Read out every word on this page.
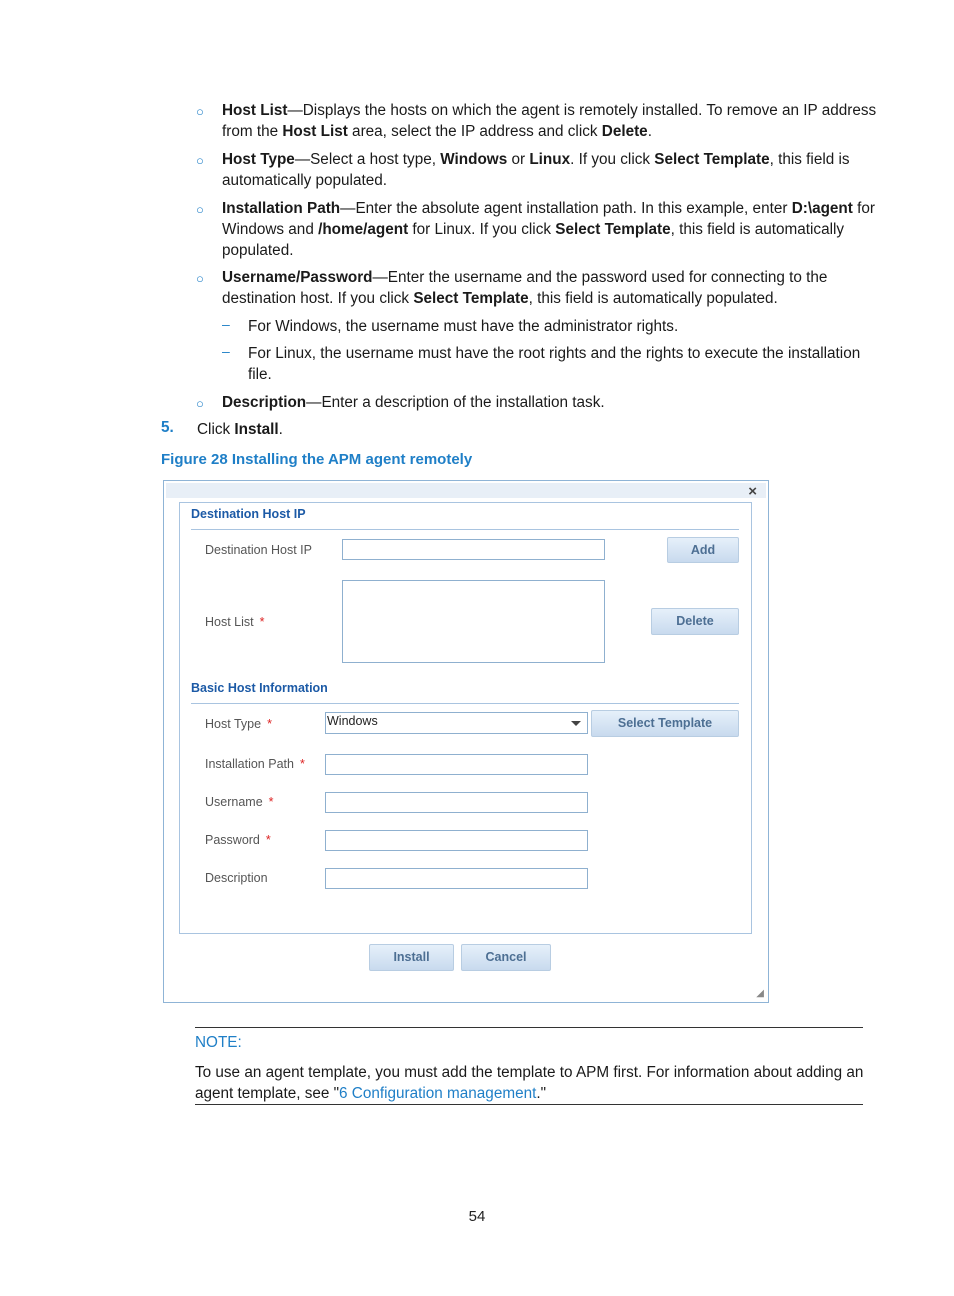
○ Host List—Displays the hosts on which the agent is remotely installed. To remove an IP address
from the Host List area, select the IP address and click Delete.
○ Host Type—Select a host type, Windows or Linux. If you click Select Template, this field is
automatically populated.
○ Installation Path—Enter the absolute agent installation path. In this example, enter D:\agent for
Windows and /home/agent for Linux. If you click Select Template, this field is automatically
populated.
○ Username/Password—Enter the username and the password used for connecting to the
destination host. If you click Select Template, this field is automatically populated.
– For Windows, the username must have the administrator rights.
– For Linux, the username must have the root rights and the rights to execute the installation
file.
○ Description—Enter a description of the installation task.
5. Click Install.
Figure 28 Installing the APM agent remotely
×
Destination Host IP
Destination Host IP	Add
Host List *	Delete
Basic Host Information
Host Type *	Windows	Select Template
Installation Path *
Username *
Password *
Description
Install	Cancel
◢
NOTE:
To use an agent template, you must add the template to APM first. For information about adding an
agent template, see "6 Configuration management."
54
